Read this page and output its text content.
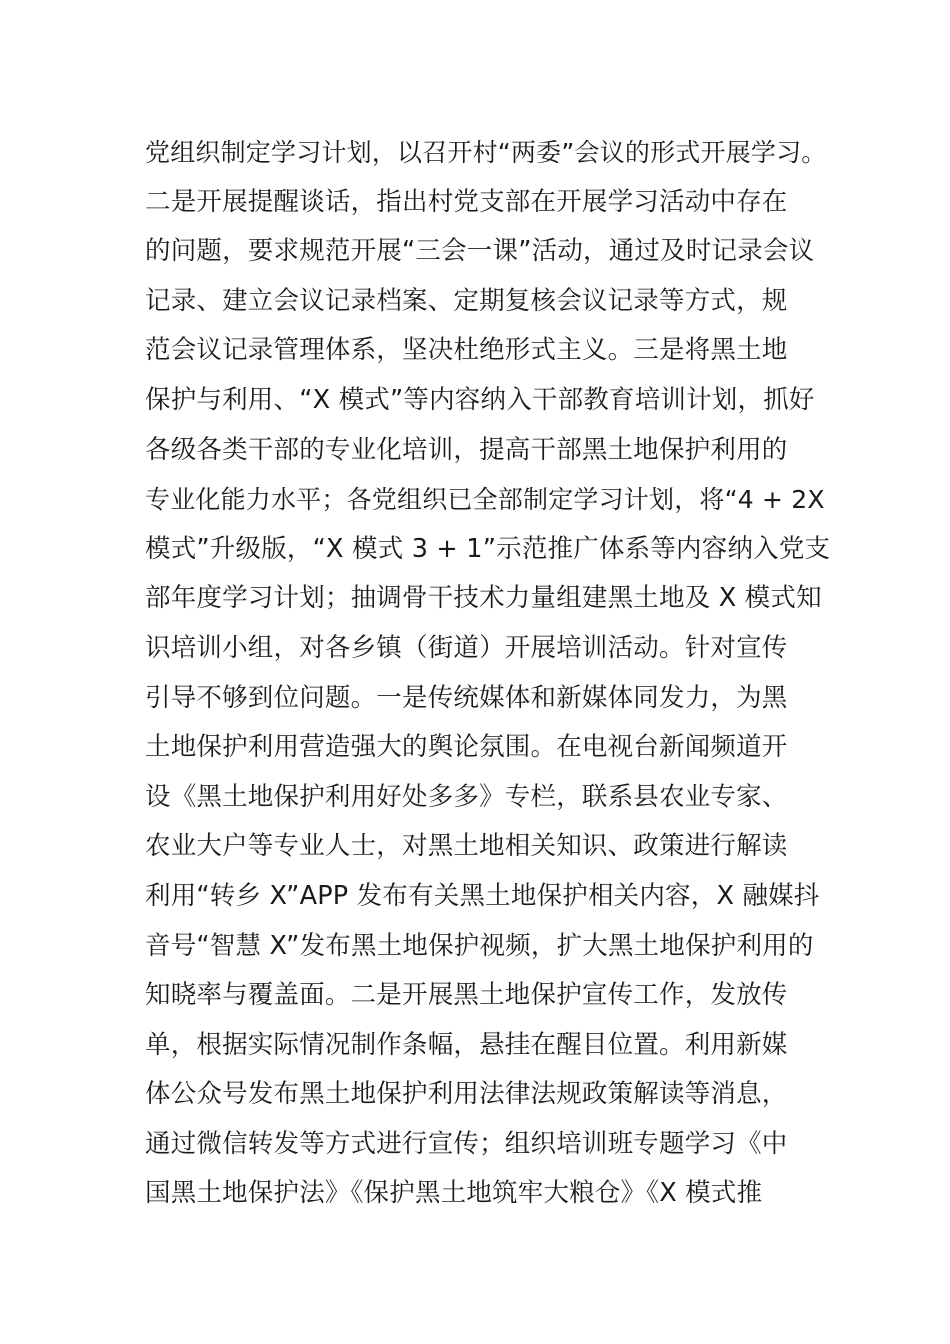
党组织制定学习计划，以召开村“两委”会议的形式开展学习。
二是开展提醒谈话，指出村党支部在开展学习活动中存在
的问题，要求规范开展“三会一课”活动，通过及时记录会议
记录、建立会议记录档案、定期复核会议记录等方式，规
范会议记录管理体系，坚决杜绝形式主义。三是将黑土地
保护与利用、“X 模式”等内容纳入干部教育培训计划，抓好
各级各类干部的专业化培训，提高干部黑土地保护利用的
专业化能力水平；各党组织已全部制定学习计划，将“4 + 2X
模式”升级版，“X 模式 3 + 1”示范推广体系等内容纳入党支
部年度学习计划；抽调骨干技术力量组建黑土地及 X 模式知
识培训小组，对各乡镇（街道）开展培训活动。针对宣传
引导不够到位问题。一是传统媒体和新媒体同发力，为黑
土地保护利用营造强大的舆论氛围。在电视台新闻频道开
设《黑土地保护利用好处多多》专栏，联系县农业专家、
农业大户等专业人士，对黑土地相关知识、政策进行解读
利用“转乡 X”APP 发布有关黑土地保护相关内容，X 融媒抖
音号“智慧 X”发布黑土地保护视频，扩大黑土地保护利用的
知晓率与覆盖面。二是开展黑土地保护宣传工作，发放传
单，根据实际情况制作条幅，悬挂在醒目位置。利用新媒
体公众号发布黑土地保护利用法律法规政策解读等消息，
通过微信转发等方式进行宣传；组织培训班专题学习《中
国黑土地保护法》《保护黑土地筑牢大粮仓》《X 模式推
